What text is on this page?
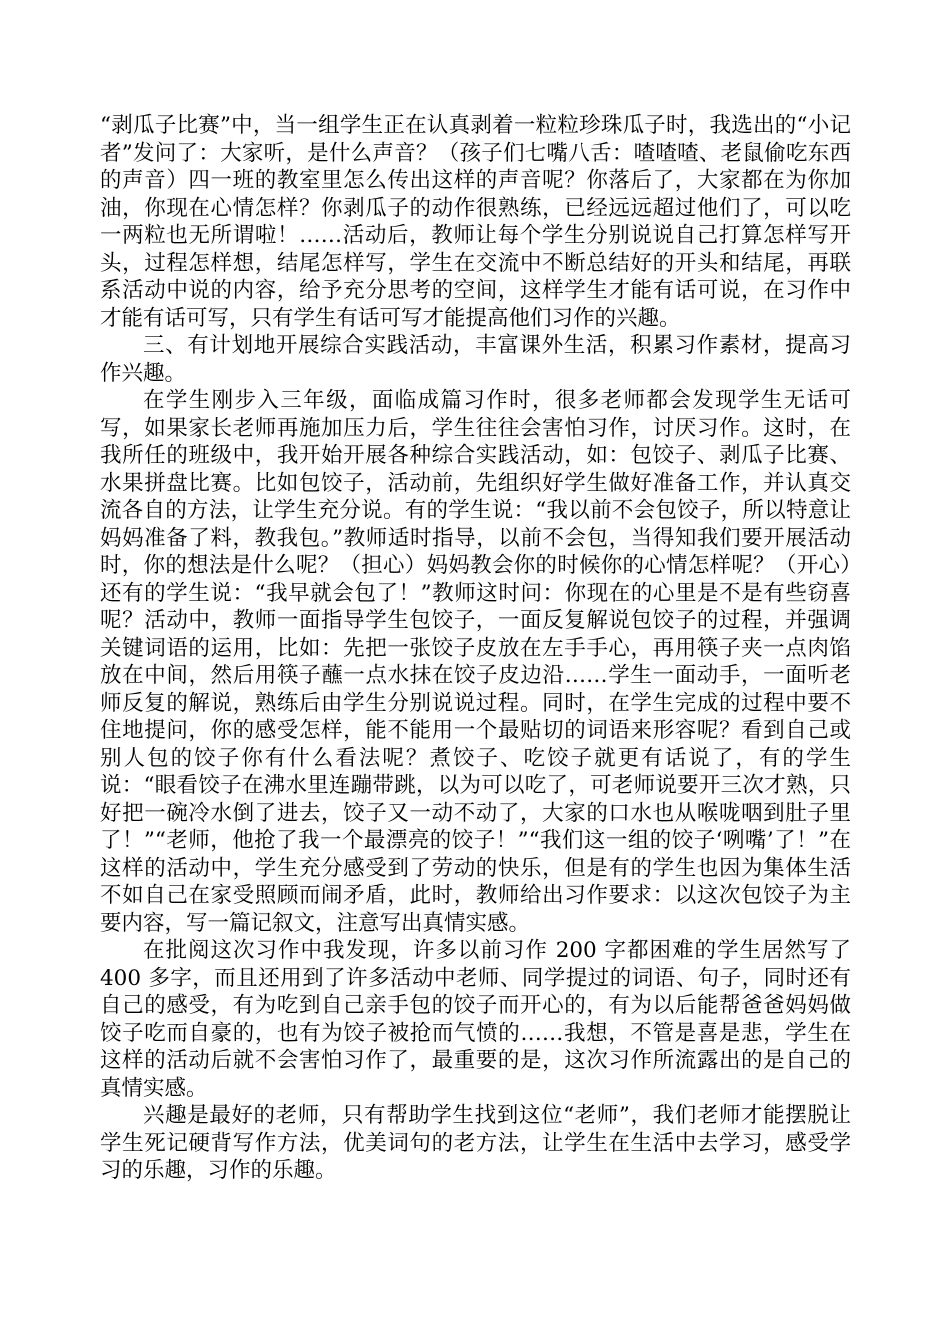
“剥瓜子比赛”中，当一组学生正在认真剥着一粒粒珍珠瓜子时，我选出的“小记者”发问了：大家听，是什么声音？（孩子们七嘴八舌：喳喳喳、老鼠偷吃东西的声音）四一班的教室里怎么传出这样的声音呢？你落后了，大家都在为你加油，你现在心情怎样？你剥瓜子的动作很熟练，已经远远超过他们了，可以吃一两粒也无所谓啦！……活动后，教师让每个学生分别说说自己打算怎样写开头，过程怎样想，结尾怎样写，学生在交流中不断总结好的开头和结尾，再联系活动中说的内容，给予充分思考的空间，这样学生才能有话可说，在习作中才能有话可写，只有学生有话可写才能提高他们习作的兴趣。

三、有计划地开展综合实践活动，丰富课外生活，积累习作素材，提高习作兴趣。

在学生刚步入三年级，面临成篇习作时，很多老师都会发现学生无话可写，如果家长老师再施加压力后，学生往往会害怕习作，讨厌习作。这时，在我所任的班级中，我开始开展各种综合实践活动，如：包饺子、剥瓜子比赛、水果拼盘比赛。比如包饺子，活动前，先组织好学生做好准备工作，并认真交流各自的方法，让学生充分说。有的学生说：“我以前不会包饺子，所以特意让妈妈准备了料，教我包。”教师适时指导，以前不会包，当得知我们要开展活动时，你的想法是什么呢？（担心）妈妈教会你的时候你的心情怎样呢？（开心）还有的学生说：“我早就会包了！”教师这时问：你现在的心里是不是有些窃喜呢？活动中，教师一面指导学生包饺子，一面反复解说包饺子的过程，并强调关键词语的运用，比如：先把一张饺子皮放在左手手心，再用筷子夹一点肉馅放在中间，然后用筷子蘸一点水抹在饺子皮边沿……学生一面动手，一面听老师反复的解说，熟练后由学生分别说说过程。同时，在学生完成的过程中要不住地提问，你的感受怎样，能不能用一个最贴切的词语来形容呢？看到自己或别人包的饺子你有什么看法呢？煮饺子、吃饺子就更有话说了，有的学生说：“眼看饺子在沸水里连蹦带跳，以为可以吃了，可老师说要开三次才熟，只好把一碗冷水倒了进去，饺子又一动不动了，大家的口水也从喉咙咽到肚子里了！”“老师，他抢了我一个最漂亮的饺子！”“我们这一组的饺子‘咧嘴’了！”在这样的活动中，学生充分感受到了劳动的快乐，但是有的学生也因为集体生活不如自己在家受照顾而闹矛盾，此时，教师给出习作要求：以这次包饺子为主要内容，写一篇记叙文，注意写出真情实感。

在批阅这次习作中我发现，许多以前习作 200 字都困难的学生居然写了 400 多字，而且还用到了许多活动中老师、同学提过的词语、句子，同时还有自己的感受，有为吃到自己亲手包的饺子而开心的，有为以后能帮爸爸妈妈做饺子吃而自豪的，也有为饺子被抢而气愤的……我想，不管是喜是悲，学生在这样的活动后就不会害怕习作了，最重要的是，这次习作所流露出的是自己的真情实感。

兴趣是最好的老师，只有帮助学生找到这位“老师”，我们老师才能摆脱让学生死记硬背写作方法，优美词句的老方法，让学生在生活中去学习，感受学习的乐趣，习作的乐趣。
